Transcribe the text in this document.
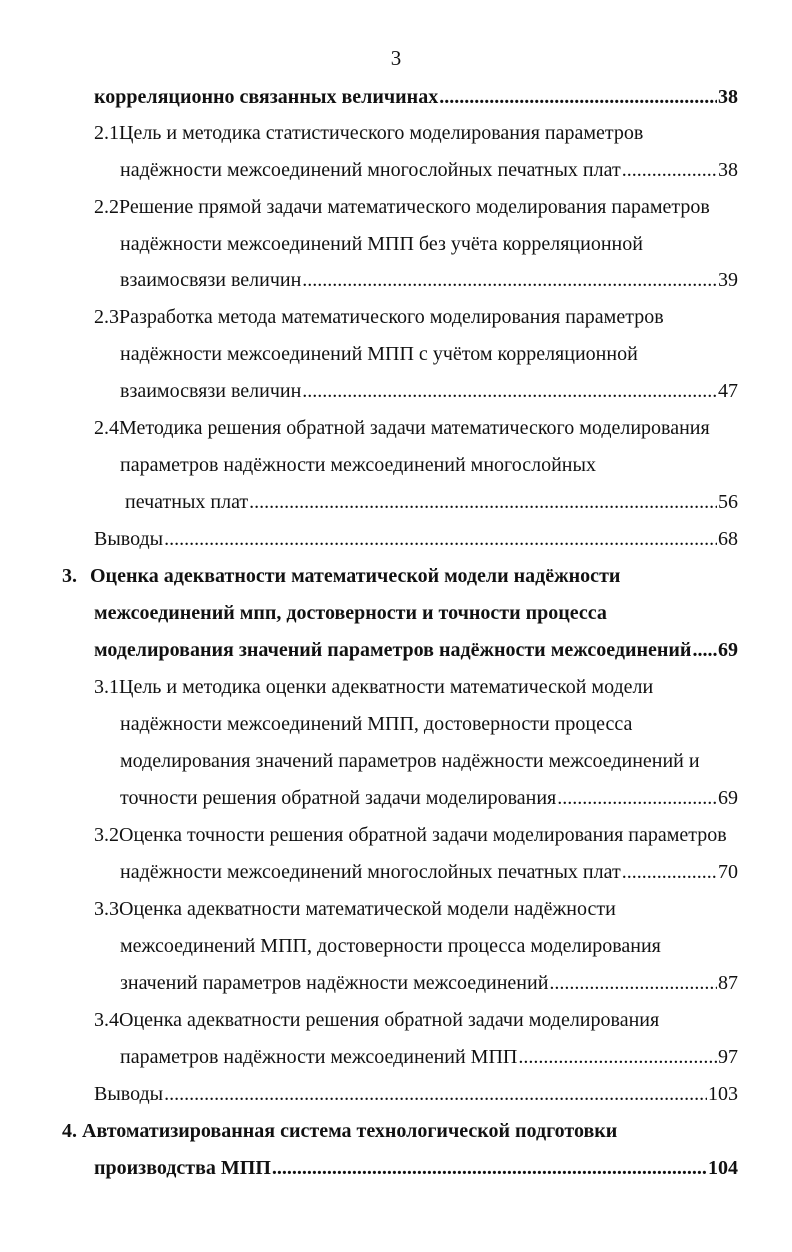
3
корреляционно связанных величинах .....	38
2.1Цель и методика статистического моделирования параметров
надёжности межсоединений многослойных печатных плат .....	38
2.2Решение прямой задачи математического моделирования параметров
надёжности межсоединений МПП без учёта корреляционной
взаимосвязи величин .....	39
2.3Разработка метода математического моделирования параметров
надёжности межсоединений МПП с учётом корреляционной
взаимосвязи величин .....	47
2.4Методика решения обратной задачи математического моделирования
параметров надёжности межсоединений многослойных
печатных плат .....	56
Выводы .....	68
3. Оценка адекватности математической модели надёжности
межсоединений мпп, достоверности и точности процесса
моделирования значений параметров надёжности межсоединений ..... 69
3.1Цель и методика оценки адекватности математической модели
надёжности межсоединений МПП, достоверности процесса
моделирования значений параметров надёжности межсоединений и
точности решения обратной задачи моделирования .....	69
3.2Оценка точности решения обратной задачи моделирования параметров
надёжности межсоединений многослойных печатных плат .....	70
3.3Оценка адекватности математической модели надёжности
межсоединений МПП, достоверности процесса моделирования
значений параметров надёжности межсоединений .....	87
3.4Оценка адекватности решения обратной задачи моделирования
параметров надёжности межсоединений МПП .....	97
Выводы .....	103
4. Автоматизированная система технологической подготовки
производства МПП .....	104
